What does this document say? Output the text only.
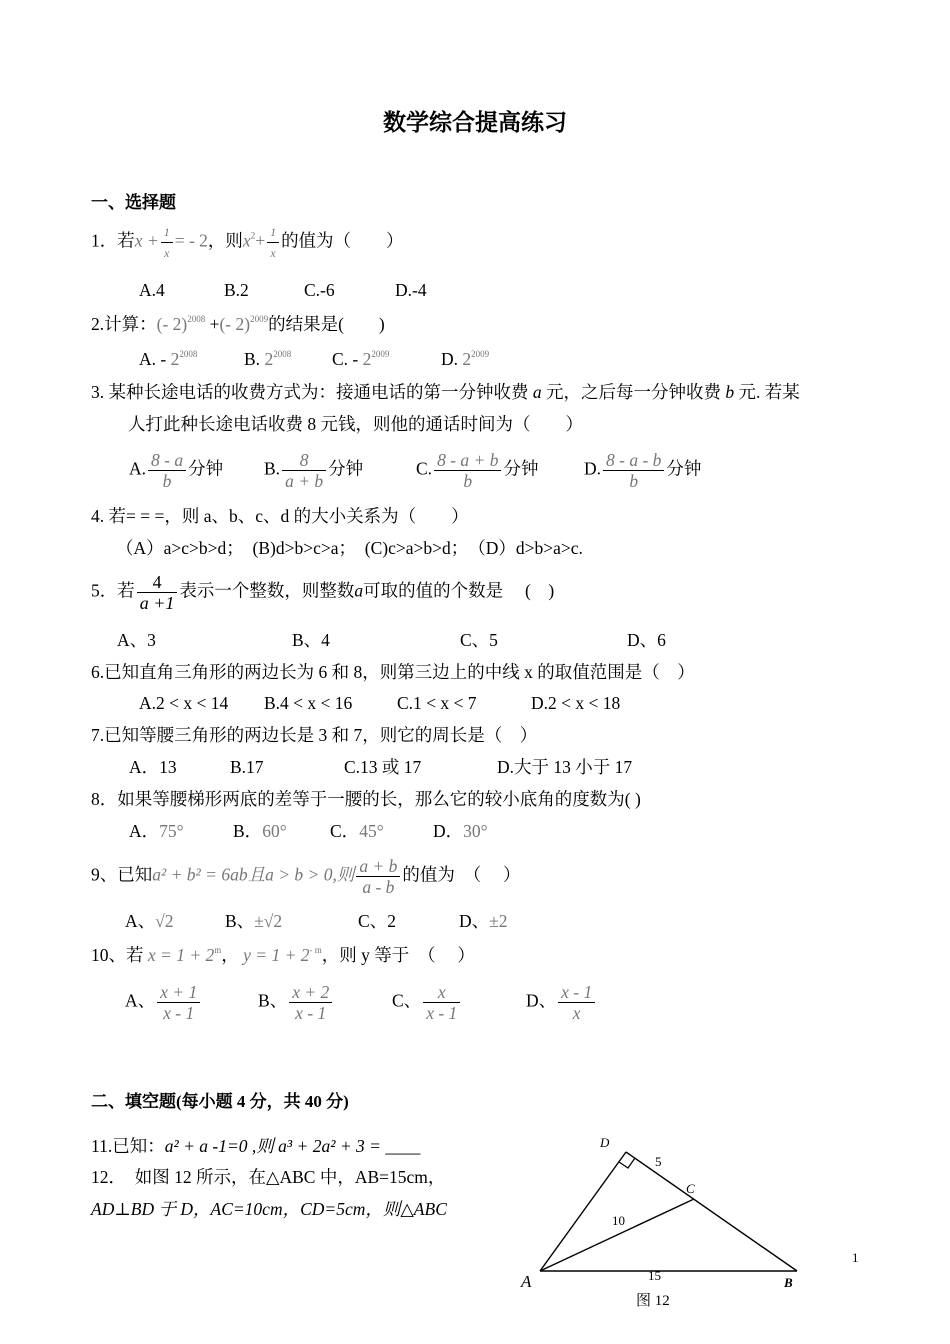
数学综合提高练习
一、选择题
1．若$x + \frac{1}{x}$ = - 2，则$x^2+ \frac{1}{x}$ 的值为（　　）
A.4	B.2	C.-6	D.-4
2.计算：(- 2)$^{2008}$ +(- 2)$^{2009}$的结果是(　　)
A. - $2^{2008}$	B. $2^{2008}$ C. - $2^{2009}$	D. $2^{2009}$
3. 某种长途电话的收费方式为：接通电话的第一分钟收费 a 元，之后每一分钟收费 b 元. 若某
人打此种长途电话收费 8 元钱，则他的通话时间为（　　）
A. $\frac{8 - a}{b}$ 分钟 B. $\frac{8}{a + b}$ 分钟	C. $\frac{8 - a + b}{b}$ 分钟	D. $\frac{8 - a - b}{b}$ 分钟
4. 若= = =，则 a、b、c、d 的大小关系为（　　）
（A）a>c>b>d；　(B)d>b>c>a；　(C)c>a>b>d；　（D）d>b>a>c.
5．若 $\frac{4}{a +1}$ 表示一个整数，则整数a可取的值的个数是　 (　)
A、3	B、4	C、5	D、6
6.已知直角三角形的两边长为 6 和 8，则第三边上的中线 x 的取值范围是（　）
A.2 < x < 14 B.4 < x < 16	C.1 < x < 7	D.2 < x < 18
7.已知等腰三角形的两边长是 3 和 7，则它的周长是（　）
A．13	B.17	C.13 或 17	D.大于 13 小于 17
8．如果等腰梯形两底的差等于一腰的长，那么它的较小底角的度数为( )
A．75°	B．60° C．45°	D．30°
9、已知a² + b² = 6ab且a > b > 0,则 $\frac{a + b}{a - b}$ 的值为　（　 ）
A、√2	B、±√2	C、2	D、±2
10、若 $x = 1 + 2^m$， $y = 1 + 2^{- m}$，则 y 等于　（　 ）
A、 $\frac{x + 1}{x - 1}$	B、 $\frac{x + 2}{x - 1}$	C、 $\frac{x}{x - 1}$	D、 $\frac{x - 1}{x}$
二、填空题(每小题 4 分，共 40 分)
11.已知：a² + a -1=0 ,则 a³ + 2a² + 3 = ____
12．　如图 12 所示，在△ABC 中，AB=15cm，
AD⊥BD 于 D，AC=10cm，CD=5cm，则△ABC
D
C
A	B
5
10
15
图 12
1
